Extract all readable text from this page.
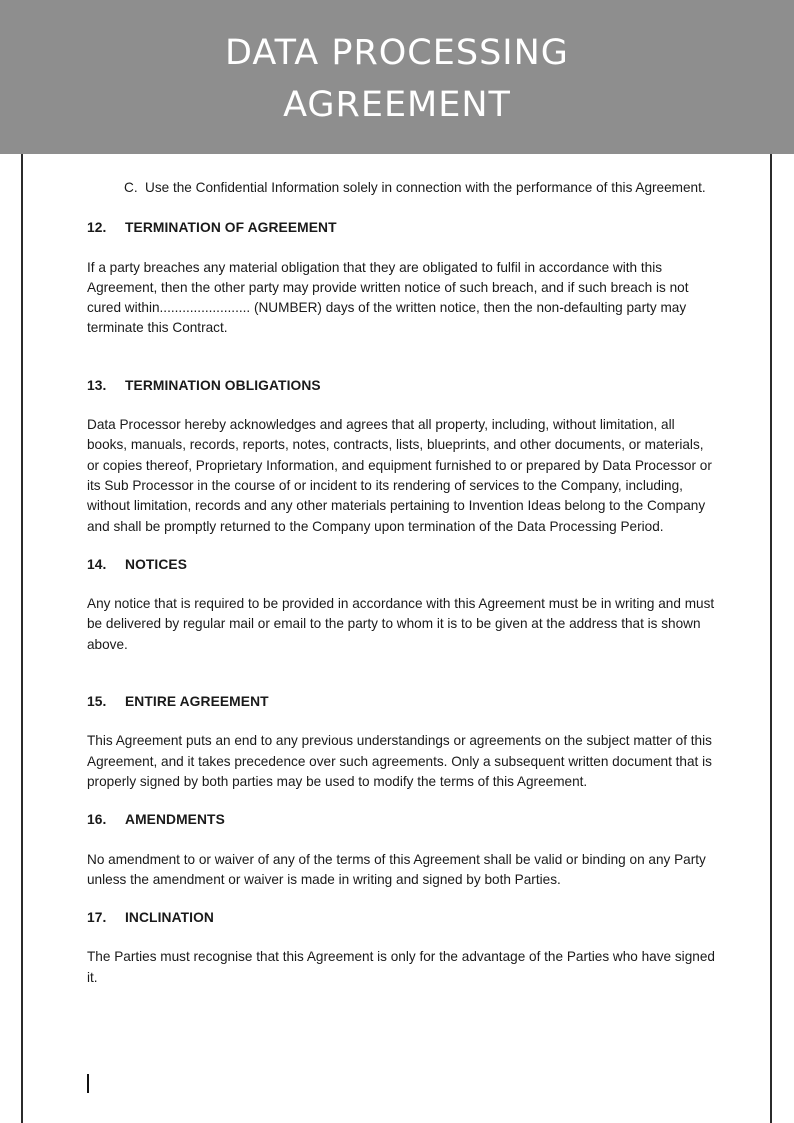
DATA PROCESSING
AGREEMENT

C. Use the Confidential Information solely in connection with the performance of this Agreement.

12. TERMINATION OF AGREEMENT

If a party breaches any material obligation that they are obligated to fulfil in accordance with this Agreement, then the other party may provide written notice of such breach, and if such breach is not cured within........................ (NUMBER) days of the written notice, then the non-defaulting party may terminate this Contract.

13. TERMINATION OBLIGATIONS

Data Processor hereby acknowledges and agrees that all property, including, without limitation, all books, manuals, records, reports, notes, contracts, lists, blueprints, and other documents, or materials, or copies thereof, Proprietary Information, and equipment furnished to or prepared by Data Processor or its Sub Processor in the course of or incident to its rendering of services to the Company, including, without limitation, records and any other materials pertaining to Invention Ideas belong to the Company and shall be promptly returned to the Company upon termination of the Data Processing Period.

14. NOTICES

Any notice that is required to be provided in accordance with this Agreement must be in writing and must be delivered by regular mail or email to the party to whom it is to be given at the address that is shown above.

15. ENTIRE AGREEMENT

This Agreement puts an end to any previous understandings or agreements on the subject matter of this Agreement, and it takes precedence over such agreements. Only a subsequent written document that is properly signed by both parties may be used to modify the terms of this Agreement.

16. AMENDMENTS

No amendment to or waiver of any of the terms of this Agreement shall be valid or binding on any Party unless the amendment or waiver is made in writing and signed by both Parties.

17. INCLINATION

The Parties must recognise that this Agreement is only for the advantage of the Parties who have signed it.
